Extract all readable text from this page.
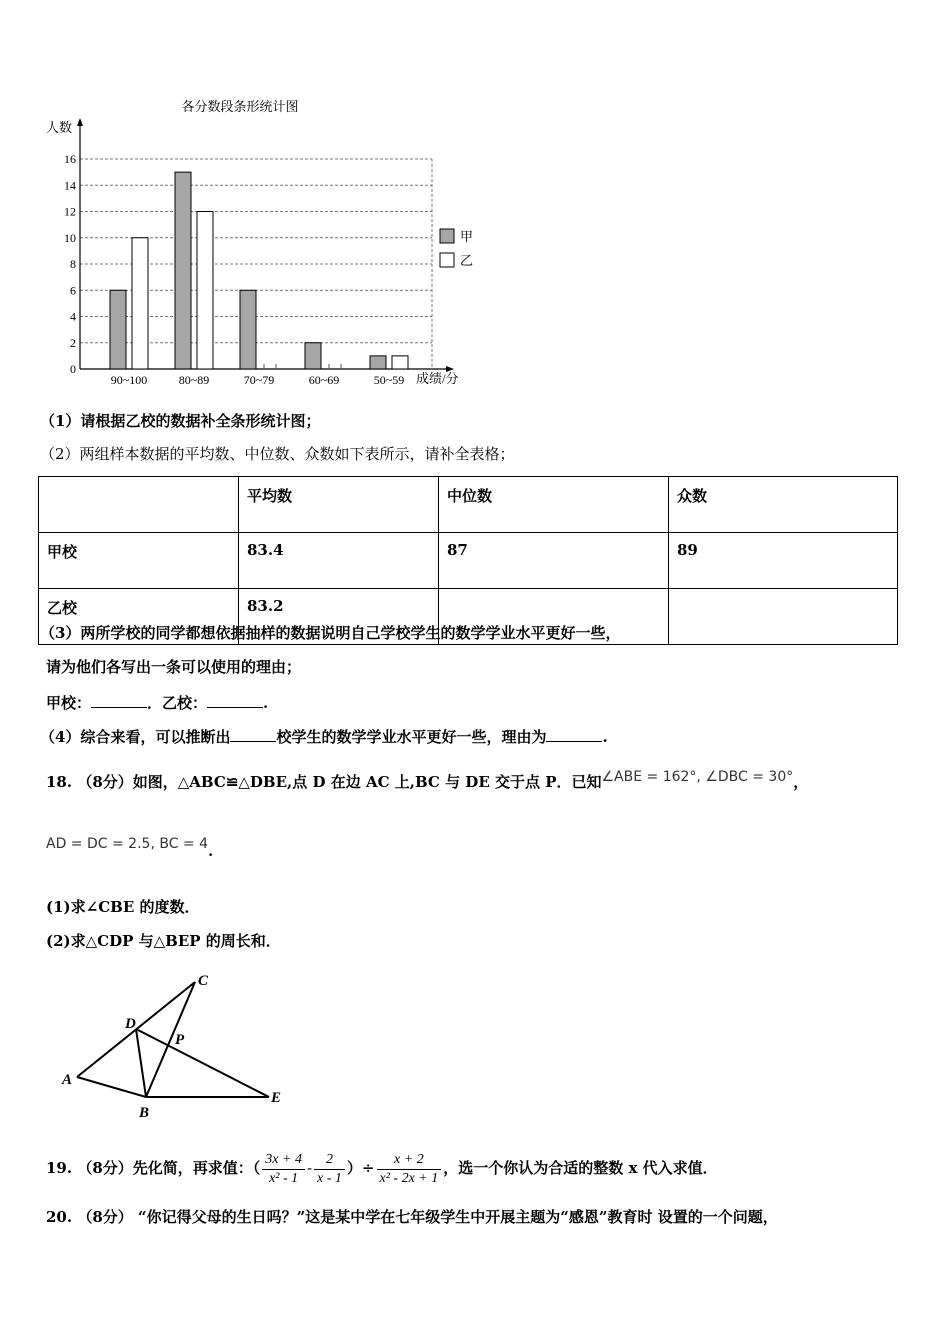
各分数段条形统计图
人数
成绩/分
0
2
4
6
8
10
12
14
16
90~100	80~89	70~79	60~69	50~59
甲
乙
（1）请根据乙校的数据补全条形统计图；
（2）两组样本数据的平均数、中位数、众数如下表所示，请补全表格；
	平均数	中位数	众数
甲校	83.4	87	89
乙校	83.2		
（3）两所学校的同学都想依据抽样的数据说明自己学校学生的数学学业水平更好一些，
请为他们各写出一条可以使用的理由；
甲校：	．乙校：	.
（4）综合来看，可以推断出	校学生的数学学业水平更好一些，理由为	.
18. （8分）如图，△ABC≌△DBE,点 D 在边 AC 上,BC 与 DE 交于点 P．已知∠ABE = 162°, ∠DBC = 30°，
AD = DC = 2.5, BC = 4.
(1)求∠CBE 的度数．
(2)求△CDP 与△BEP 的周长和．
C
D
P
A
B
E
19. （8分）先化简，再求值：（ $\frac{3x + 4}{\text{x² - 1}} - \frac{2}{x - 1}$ ）÷ $\frac{x + 2}{\text{x² - 2x + 1}}$ ，选一个你认为合适的整数 x 代入求值．
20. （8分） “你记得父母的生日吗？”这是某中学在七年级学生中开展主题为“感恩”教育时 设置的一个问题，
